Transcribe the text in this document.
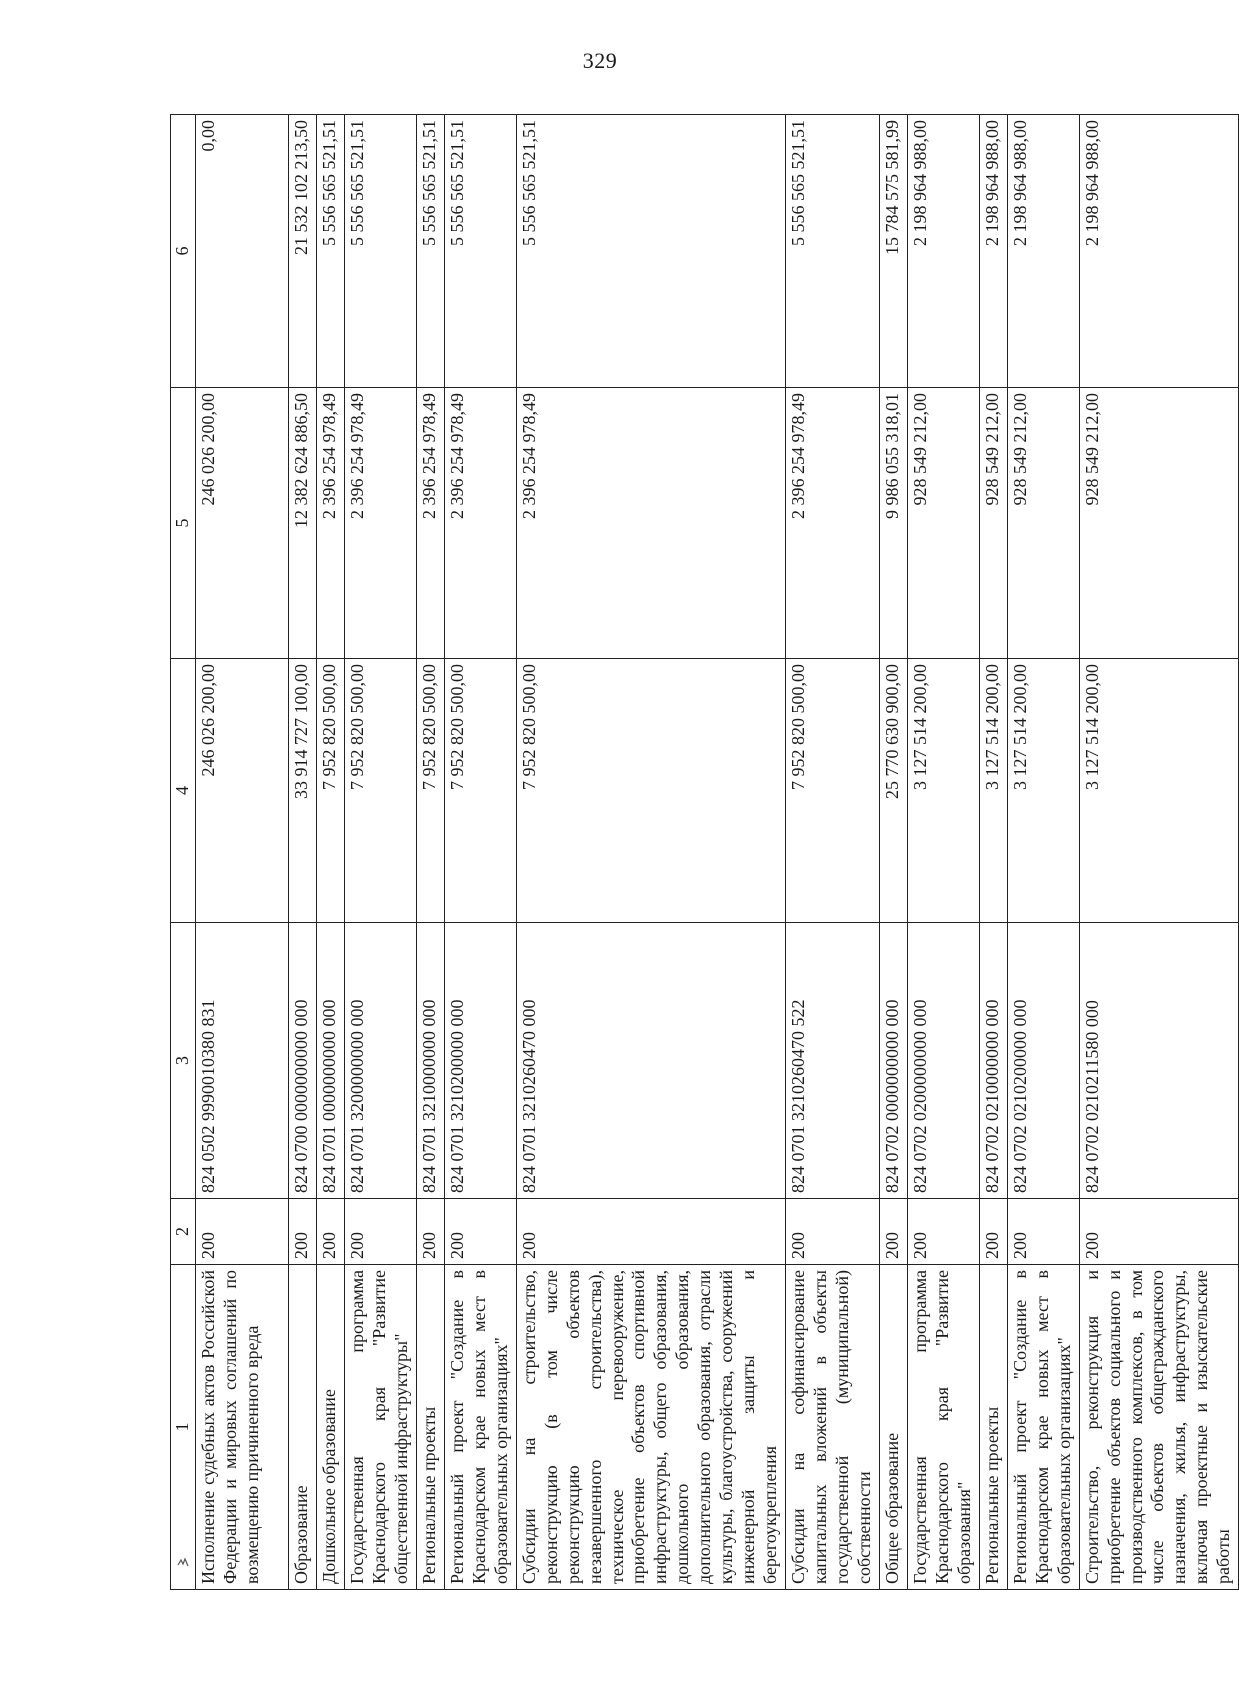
329
1	2	3	4	5	6
Исполнение судебных актов Российской Федерации и мировых соглашений по возмещению причиненного вреда	200	824 0502 9990010380 831	246 026 200,00	246 026 200,00	0,00
Образование	200	824 0700 0000000000 000	33 914 727 100,00	12 382 624 886,50	21 532 102 213,50
Дошкольное образование	200	824 0701 0000000000 000	7 952 820 500,00	2 396 254 978,49	5 556 565 521,51
Государственная программа Краснодарского края "Развитие общественной инфраструктуры"	200	824 0701 3200000000 000	7 952 820 500,00	2 396 254 978,49	5 556 565 521,51
Региональные проекты	200	824 0701 3210000000 000	7 952 820 500,00	2 396 254 978,49	5 556 565 521,51
Региональный проект "Создание в Краснодарском крае новых мест в образовательных организациях"	200	824 0701 3210200000 000	7 952 820 500,00	2 396 254 978,49	5 556 565 521,51
Субсидии на строительство, реконструкцию (в том числе реконструкцию объектов незавершенного строительства), техническое перевооружение, приобретение объектов спортивной инфраструктуры, общего образования, дошкольного образования, дополнительного образования, отрасли культуры, благоустройства, сооружений инженерной защиты и берегоукрепления	200	824 0701 3210260470 000	7 952 820 500,00	2 396 254 978,49	5 556 565 521,51
Субсидии на софинансирование капитальных вложений в объекты государственной (муниципальной) собственности	200	824 0701 3210260470 522	7 952 820 500,00	2 396 254 978,49	5 556 565 521,51
Общее образование	200	824 0702 0000000000 000	25 770 630 900,00	9 986 055 318,01	15 784 575 581,99
Государственная программа Краснодарского края "Развитие образования"	200	824 0702 0200000000 000	3 127 514 200,00	928 549 212,00	2 198 964 988,00
Региональные проекты	200	824 0702 0210000000 000	3 127 514 200,00	928 549 212,00	2 198 964 988,00
Региональный проект "Создание в Краснодарском крае новых мест в образовательных организациях"	200	824 0702 0210200000 000	3 127 514 200,00	928 549 212,00	2 198 964 988,00
Строительство, реконструкция и приобретение объектов социального и производственного комплексов, в том числе объектов общегражданского назначения, жилья, инфраструктуры, включая проектные и изыскательские работы	200	824 0702 0210211580 000	3 127 514 200,00	928 549 212,00	2 198 964 988,00
